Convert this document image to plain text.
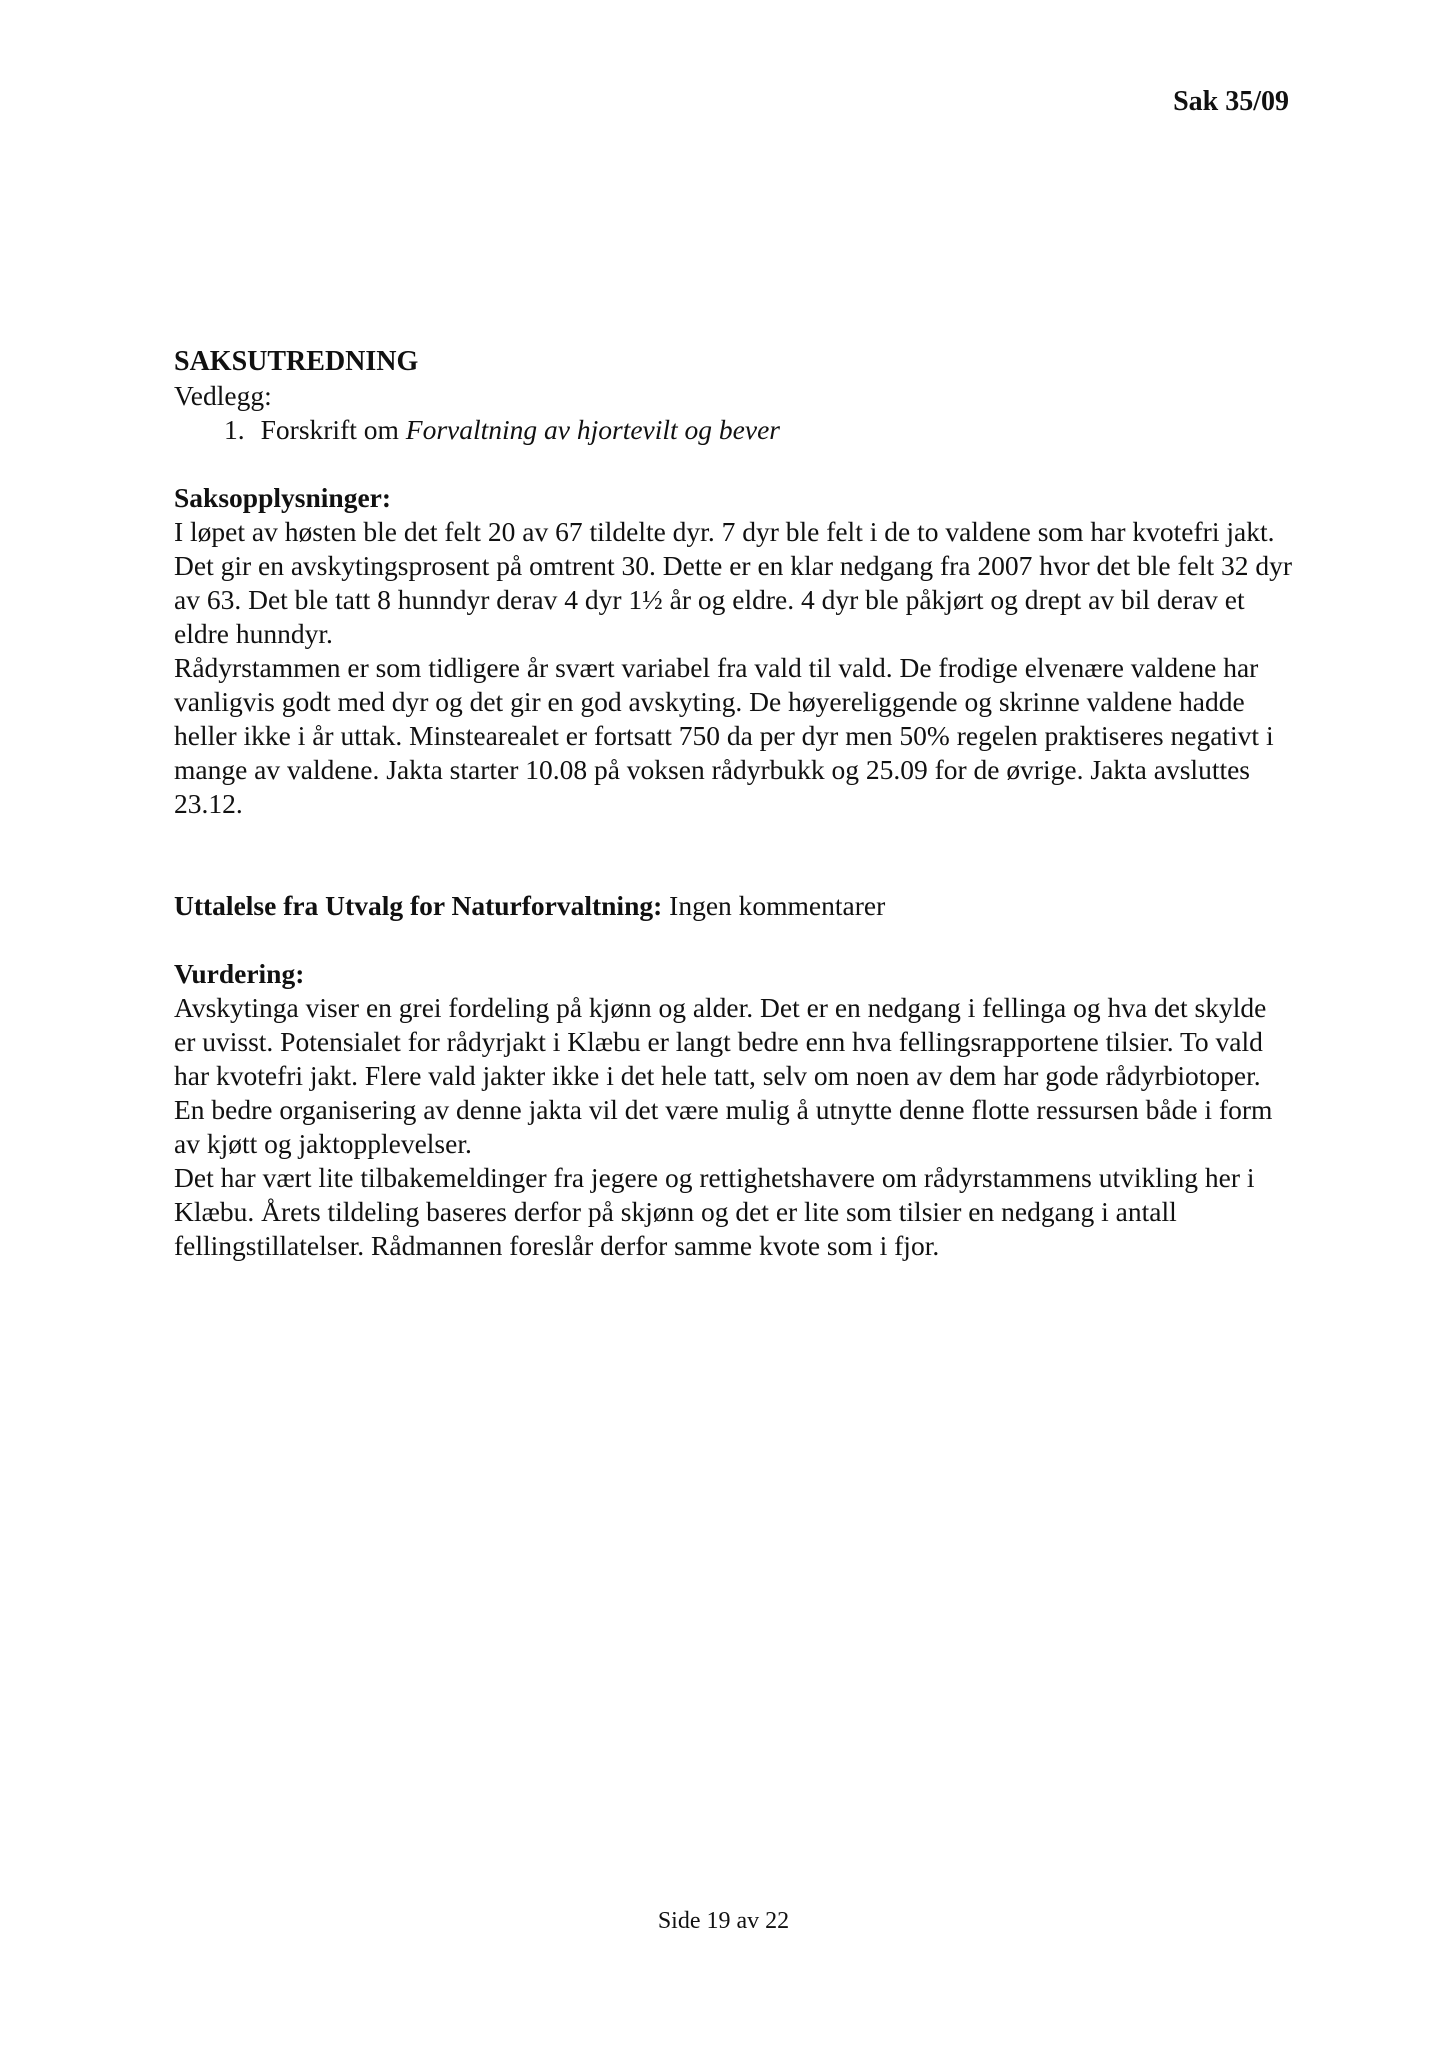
Sak 35/09

SAKSUTREDNING

Vedlegg:

1. Forskrift om Forvaltning av hjortevilt og bever

Saksopplysninger:

I løpet av høsten ble det felt 20 av 67 tildelte dyr. 7 dyr ble felt i de to valdene som har kvotefri jakt. Det gir en avskytingsprosent på omtrent 30. Dette er en klar nedgang fra 2007 hvor det ble felt 32 dyr av 63. Det ble tatt 8 hunndyr derav 4 dyr 1½ år og eldre. 4 dyr ble påkjørt og drept av bil derav et eldre hunndyr.

Rådyrstammen er som tidligere år svært variabel fra vald til vald. De frodige elvenære valdene har vanligvis godt med dyr og det gir en god avskyting. De høyereliggende og skrinne valdene hadde heller ikke i år uttak. Minstearealet er fortsatt 750 da per dyr men 50% regelen praktiseres negativt i mange av valdene. Jakta starter 10.08 på voksen rådyrbukk og 25.09 for de øvrige. Jakta avsluttes 23.12.

Uttalelse fra Utvalg for Naturforvaltning: Ingen kommentarer

Vurdering:

Avskytinga viser en grei fordeling på kjønn og alder. Det er en nedgang i fellinga og hva det skylde er uvisst. Potensialet for rådyrjakt i Klæbu er langt bedre enn hva fellingsrapportene tilsier. To vald har kvotefri jakt. Flere vald jakter ikke i det hele tatt, selv om noen av dem har gode rådyrbiotoper. En bedre organisering av denne jakta vil det være mulig å utnytte denne flotte ressursen både i form av kjøtt og jaktopplevelser.

Det har vært lite tilbakemeldinger fra jegere og rettighetshavere om rådyrstammens utvikling her i Klæbu. Årets tildeling baseres derfor på skjønn og det er lite som tilsier en nedgang i antall fellingstillatelser. Rådmannen foreslår derfor samme kvote som i fjor.

Side 19 av 22
